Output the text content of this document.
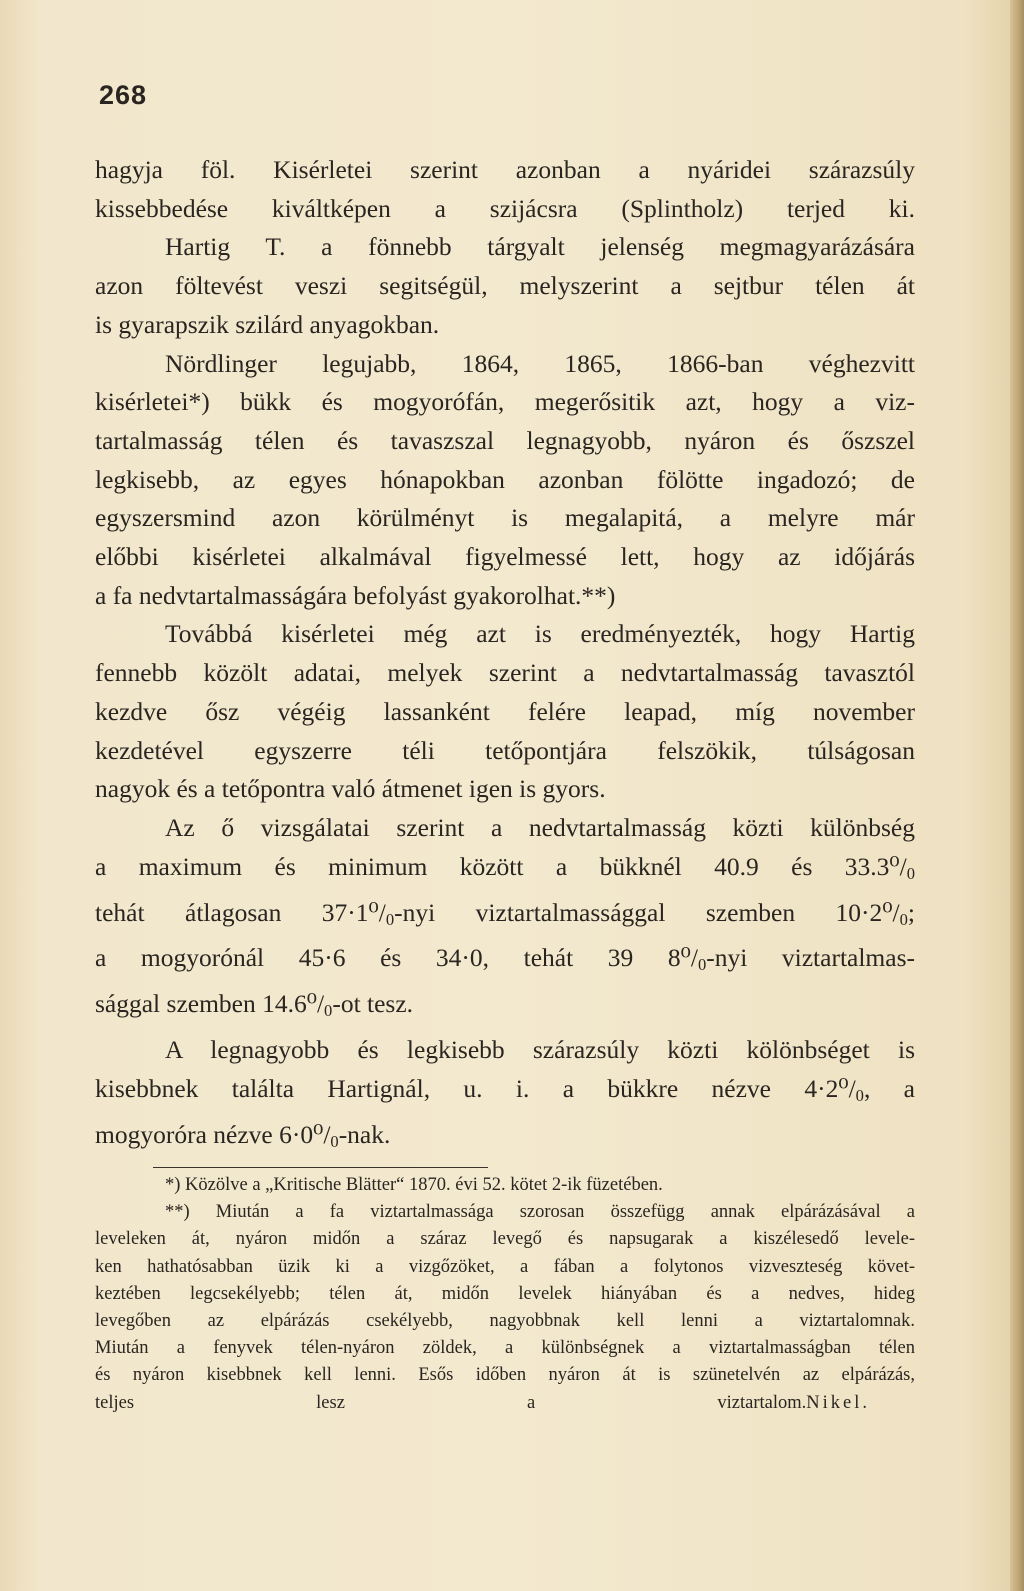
268
hagyja föl. Kisérletei szerint azonban a nyáridei szárazsúly
kissebbedése kiváltképen a szijácsra (Splintholz) terjed ki.
Hartig T. a fönnebb tárgyalt jelenség megmagyarázására
azon föltevést veszi segitségül, melyszerint a sejtbur télen át
is gyarapszik szilárd anyagokban.
Nördlinger legujabb, 1864, 1865, 1866-ban véghezvitt
kisérletei*) bükk és mogyorófán, megerősitik azt, hogy a viz-
tartalmasság télen és tavaszszal legnagyobb, nyáron és őszszel
legkisebb, az egyes hónapokban azonban fölötte ingadozó; de
egyszersmind azon körülményt is megalapitá, a melyre már
előbbi kisérletei alkalmával figyelmessé lett, hogy az időjárás
a fa nedvtartalmasságára befolyást gyakorolhat.**)
Továbbá kisérletei még azt is eredményezték, hogy Hartig
fennebb közölt adatai, melyek szerint a nedvtartalmasság tavasztól
kezdve ősz végéig lassanként felére leapad, míg november
kezdetével egyszerre téli tetőpontjára felszökik, túlságosan
nagyok és a tetőpontra való átmenet igen is gyors.
Az ő vizsgálatai szerint a nedvtartalmasság közti különbség
a maximum és minimum között a bükknél 40.9 és $33.3^0/_0$
tehát átlagosan $37\cdot 1^0/_0$-nyi viztartalmassággal szemben $10\cdot 2^0/_0$;
a mogyorónál 45·6 és 34·0, tehát 39 $8^0/_0$-nyi viztartalmas-
sággal szemben $14.6^0/_0-ot$ tesz.
A legnagyobb és legkisebb szárazsúly közti kölönbséget is
kisebbnek találta Hartignál, u. i. a bükkre nézve $4\cdot 2^0/_0$, a
mogyoróra nézve $6\cdot 0^0/_0$-nak.
*) Közölve a „Kritische Blätter“ 1870. évi 52. kötet 2-ik füzetében.
**) Miután a fa viztartalmassága szorosan összefügg annak elpárázásával a
leveleken át, nyáron midőn a száraz levegő és napsugarak a kiszélesedő levele-
ken hathatósabban üzik ki a vizgőzöket, a fában a folytonos vizveszteség követ-
keztében legcsekélyebb; télen át, midőn levelek hiányában és a nedves, hideg
levegőben az elpárázás csekélyebb, nagyobbnak kell lenni a viztartalomnak.
Miután a fenyvek télen-nyáron zöldek, a különbségnek a viztartalmasságban télen
és nyáron kisebbnek kell lenni. Esős időben nyáron át is szünetelvén az elpárázás,
teljes lesz a viztartalom. Nikel.
